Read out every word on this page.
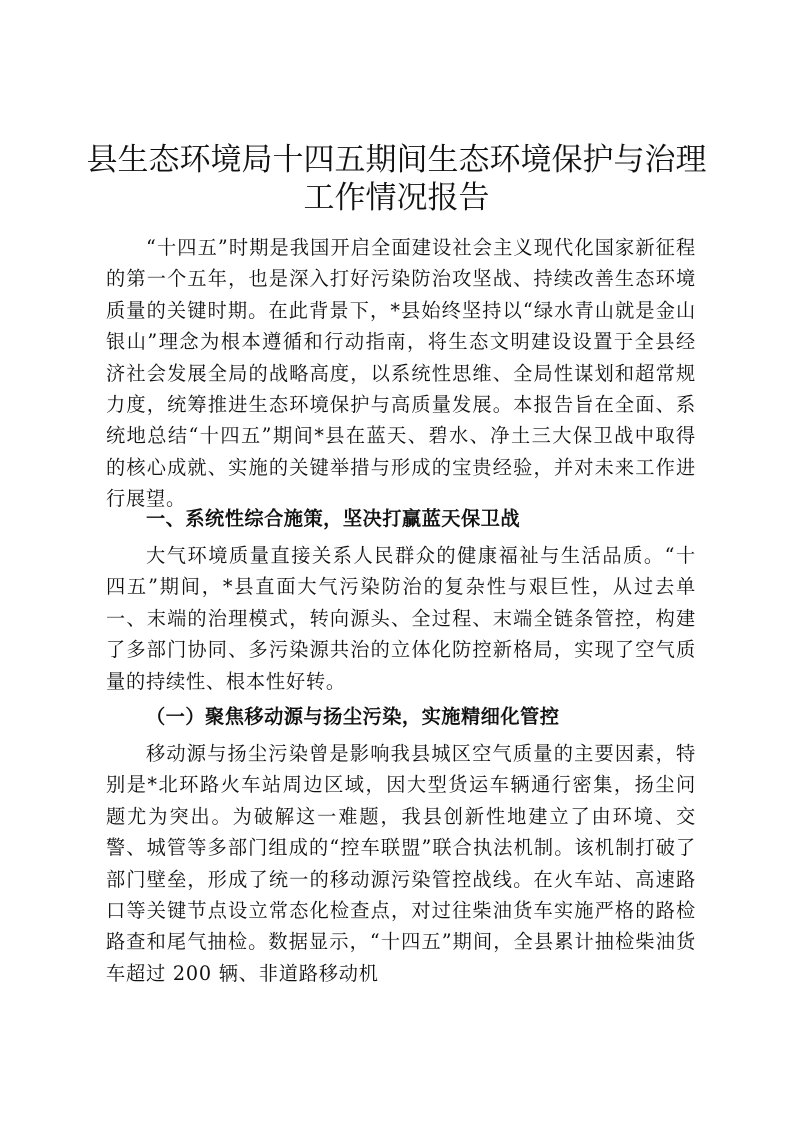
县生态环境局十四五期间生态环境保护与治理
工作情况报告

“十四五”时期是我国开启全面建设社会主义现代化国家新征程的第一个五年，也是深入打好污染防治攻坚战、持续改善生态环境质量的关键时期。在此背景下，*县始终坚持以“绿水青山就是金山银山”理念为根本遵循和行动指南，将生态文明建设设置于全县经济社会发展全局的战略高度，以系统性思维、全局性谋划和超常规力度，统筹推进生态环境保护与高质量发展。本报告旨在全面、系统地总结“十四五”期间*县在蓝天、碧水、净土三大保卫战中取得的核心成就、实施的关键举措与形成的宝贵经验，并对未来工作进行展望。

一、系统性综合施策，坚决打赢蓝天保卫战

大气环境质量直接关系人民群众的健康福祉与生活品质。“十四五”期间，*县直面大气污染防治的复杂性与艰巨性，从过去单一、末端的治理模式，转向源头、全过程、末端全链条管控，构建了多部门协同、多污染源共治的立体化防控新格局，实现了空气质量的持续性、根本性好转。

（一）聚焦移动源与扬尘污染，实施精细化管控

移动源与扬尘污染曾是影响我县城区空气质量的主要因素，特别是*北环路火车站周边区域，因大型货运车辆通行密集，扬尘问题尤为突出。为破解这一难题，我县创新性地建立了由环境、交警、城管等多部门组成的“控车联盟”联合执法机制。该机制打破了部门壁垒，形成了统一的移动源污染管控战线。在火车站、高速路口等关键节点设立常态化检查点，对过往柴油货车实施严格的路检路查和尾气抽检。数据显示，“十四五”期间，全县累计抽检柴油货车超过 200 辆、非道路移动机
